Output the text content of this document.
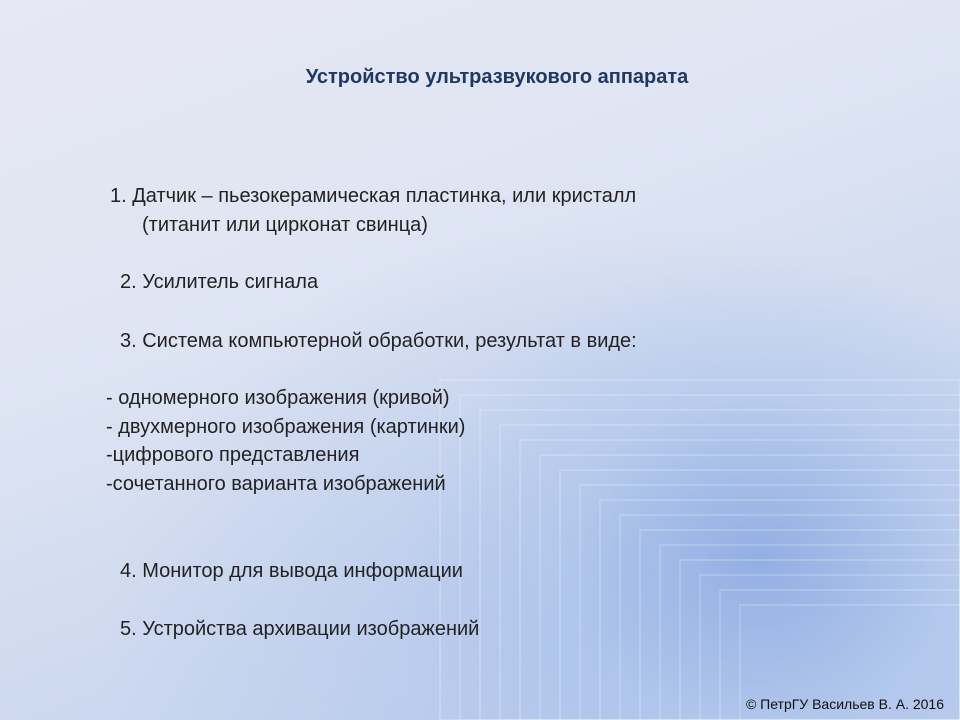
Устройство ультразвукового аппарата
1. Датчик – пьезокерамическая пластинка, или кристалл
(титанит или цирконат свинца)
2. Усилитель сигнала
3. Система компьютерной обработки, результат в виде:
- одномерного изображения (кривой)
- двухмерного изображения (картинки)
-цифрового представления
-сочетанного варианта изображений
4. Монитор для вывода информации
5. Устройства архивации изображений
© ПетрГУ Васильев В. А. 2016
